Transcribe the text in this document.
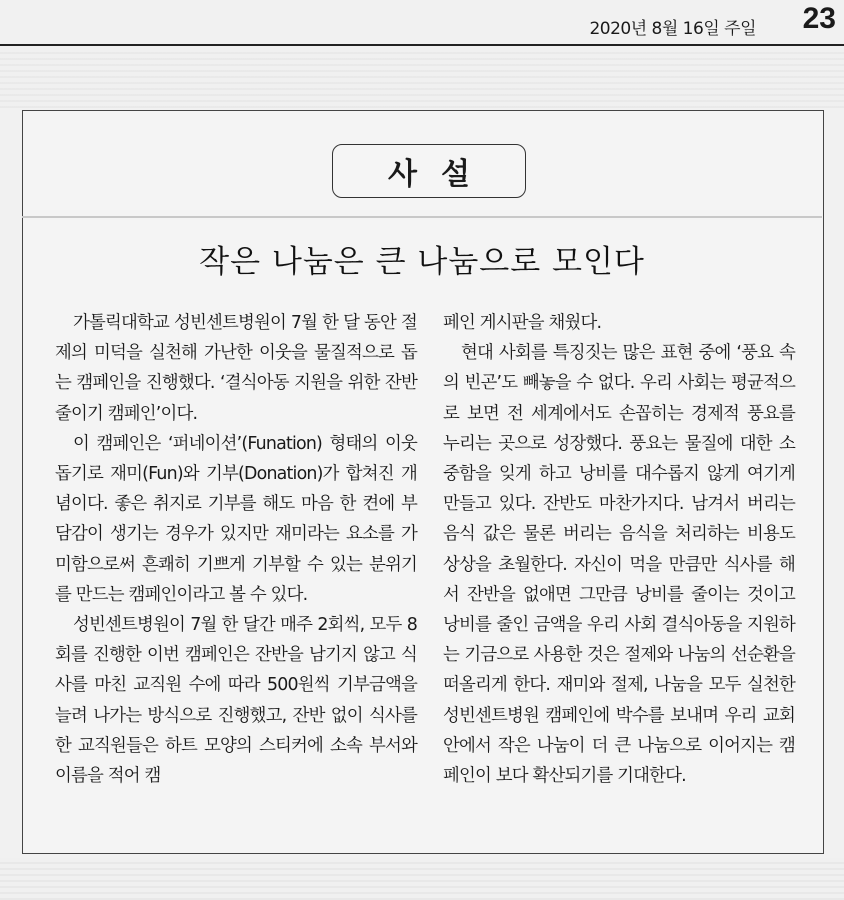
2020년 8월 16일 주일 23
사설
작은 나눔은 큰 나눔으로 모인다

가톨릭대학교 성빈센트병원이 7월 한 달 동안 절제의 미덕을 실천해 가난한 이웃을 물질적으로 돕는 캠페인을 진행했다. ‘결식아동 지원을 위한 잔반 줄이기 캠페인’이다.

이 캠페인은 ‘퍼네이션’(Funation) 형태의 이웃돕기로 재미(Fun)와 기부(Donation)가 합쳐진 개념이다. 좋은 취지로 기부를 해도 마음 한 켠에 부담감이 생기는 경우가 있지만 재미라는 요소를 가미함으로써 흔쾌히 기쁘게 기부할 수 있는 분위기를 만드는 캠페인이라고 볼 수 있다.

성빈센트병원이 7월 한 달간 매주 2회씩, 모두 8회를 진행한 이번 캠페인은 잔반을 남기지 않고 식사를 마친 교직원 수에 따라 500원씩 기부금액을 늘려 나가는 방식으로 진행했고, 잔반 없이 식사를 한 교직원들은 하트 모양의 스티커에 소속 부서와 이름을 적어 캠

페인 게시판을 채웠다.

현대 사회를 특징짓는 많은 표현 중에 ‘풍요 속의 빈곤’도 빼놓을 수 없다. 우리 사회는 평균적으로 보면 전 세계에서도 손꼽히는 경제적 풍요를 누리는 곳으로 성장했다. 풍요는 물질에 대한 소중함을 잊게 하고 낭비를 대수롭지 않게 여기게 만들고 있다. 잔반도 마찬가지다. 남겨서 버리는 음식 값은 물론 버리는 음식을 처리하는 비용도 상상을 초월한다. 자신이 먹을 만큼만 식사를 해서 잔반을 없애면 그만큼 낭비를 줄이는 것이고 낭비를 줄인 금액을 우리 사회 결식아동을 지원하는 기금으로 사용한 것은 절제와 나눔의 선순환을 떠올리게 한다. 재미와 절제, 나눔을 모두 실천한 성빈센트병원 캠페인에 박수를 보내며 우리 교회 안에서 작은 나눔이 더 큰 나눔으로 이어지는 캠페인이 보다 확산되기를 기대한다.
